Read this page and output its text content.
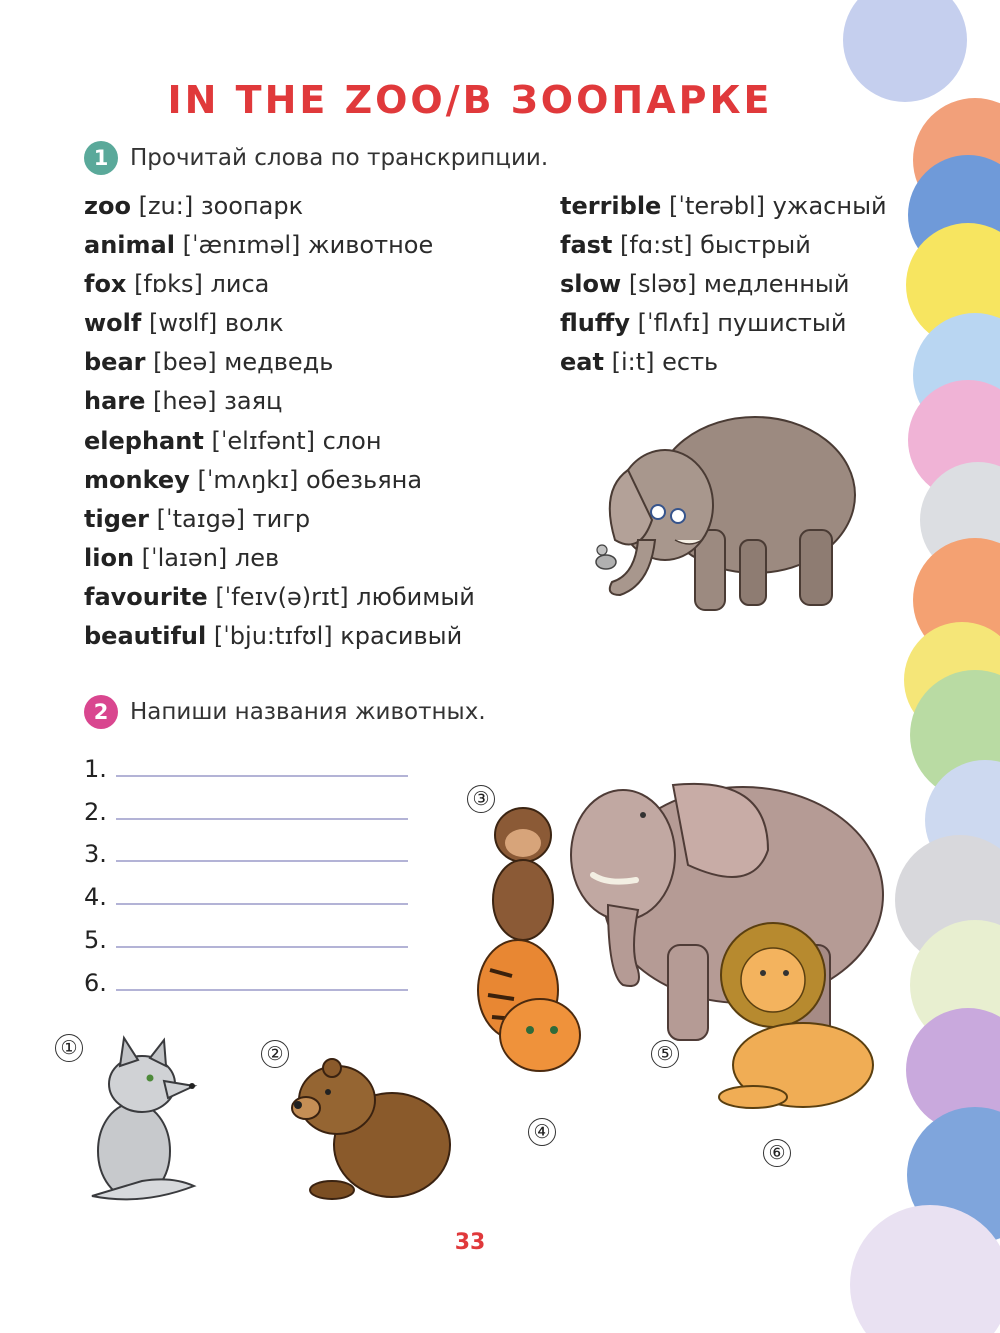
IN THE ZOO/В ЗООПАРКЕ
1 Прочитай слова по транскрипции.
zoo [zu:] зоопарк
animal [ˈænɪməl] животное
fox [fɒks] лиса
wolf [wʊlf] волк
bear [beə] медведь
hare [heə] заяц
elephant [ˈelɪfənt] слон
monkey [ˈmʌŋkɪ] обезьяна
tiger [ˈtaɪgə] тигр
lion [ˈlaɪən] лев
favourite [ˈfeɪv(ə)rɪt] любимый
beautiful [ˈbju:tɪfʊl] красивый
terrible [ˈterəbl] ужасный
fast [fɑ:st] быстрый
slow [sləʊ] медленный
fluffy [ˈflʌfɪ] пушистый
eat [i:t] есть
2 Напиши названия животных.
1.
2.
3.
4.
5.
6.
①	②
③
④
⑤
⑥
33
